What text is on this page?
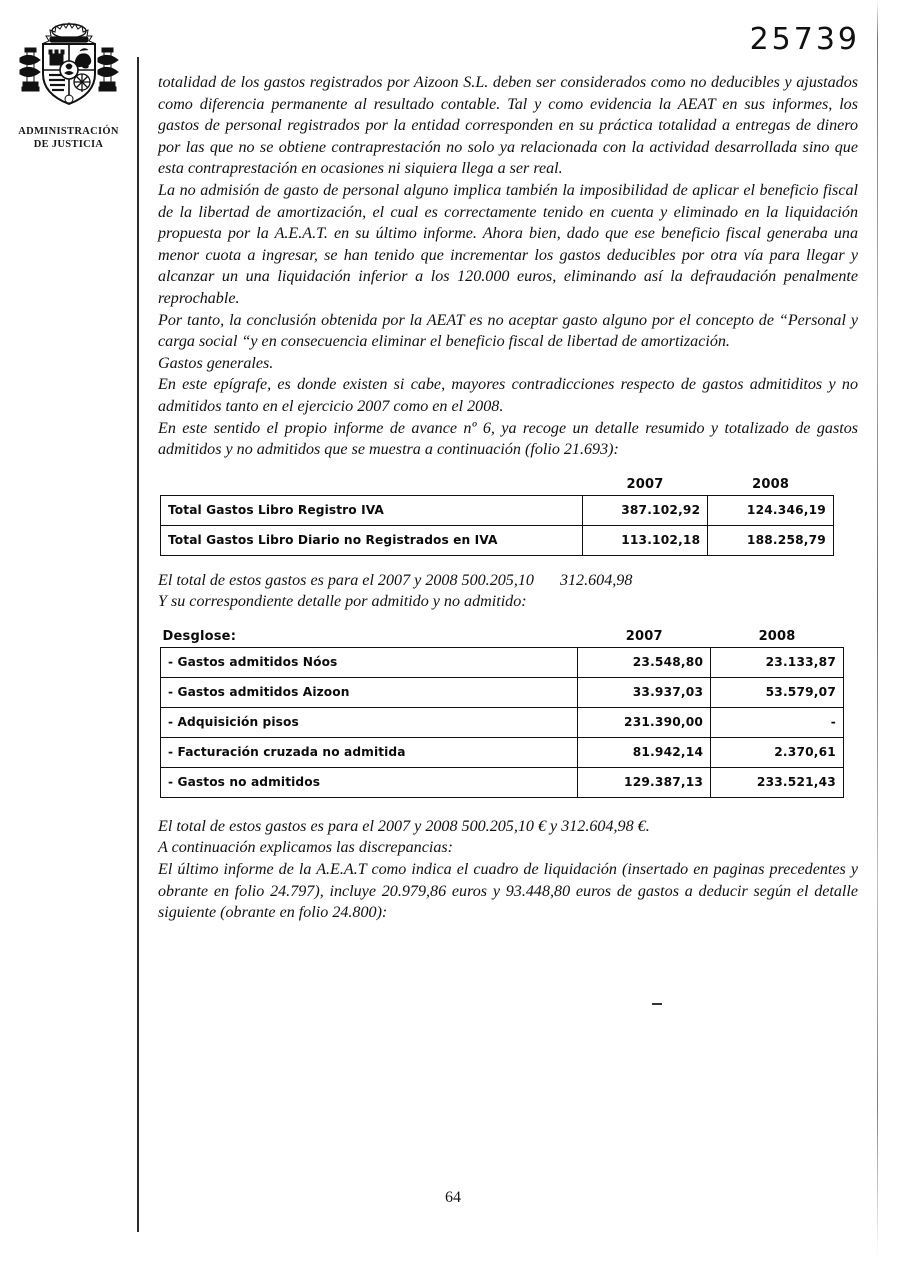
25739
ADMINISTRACIÓN
DE JUSTICIA

totalidad de los gastos registrados por Aizoon S.L. deben ser considerados como no deducibles y ajustados como diferencia permanente al resultado contable. Tal y como evidencia la AEAT en sus informes, los gastos de personal registrados por la entidad corresponden en su práctica totalidad a entregas de dinero por las que no se obtiene contraprestación no solo ya relacionada con la actividad desarrollada sino que esta contraprestación en ocasiones ni siquiera llega a ser real.

La no admisión de gasto de personal alguno implica también la imposibilidad de aplicar el beneficio fiscal de la libertad de amortización, el cual es correctamente tenido en cuenta y eliminado en la liquidación propuesta por la A.E.A.T. en su último informe. Ahora bien, dado que ese beneficio fiscal generaba una menor cuota a ingresar, se han tenido que incrementar los gastos deducibles por otra vía para llegar y alcanzar un una liquidación inferior a los 120.000 euros, eliminando así la defraudación penalmente reprochable.

Por tanto, la conclusión obtenida por la AEAT es no aceptar gasto alguno por el concepto de “Personal y carga social “y en consecuencia eliminar el beneficio fiscal de libertad de amortización.

Gastos generales.

En este epígrafe, es donde existen si cabe, mayores contradicciones respecto de gastos admitiditos y no admitidos tanto en el ejercicio 2007 como en el 2008.

En este sentido el propio informe de avance nº 6, ya recoge un detalle resumido y totalizado de gastos admitidos y no admitidos que se muestra a continuación (folio 21.693):

	2007	2008
Total Gastos Libro Registro IVA	387.102,92	124.346,19
Total Gastos Libro Diario no Registrados en IVA	113.102,18	188.258,79

El total de estos gastos es para el 2007 y 2008 500.205,10 312.604,98

Y su correspondiente detalle por admitido y no admitido:

Desglose:	2007	2008
- Gastos admitidos Nóos	23.548,80	23.133,87
- Gastos admitidos Aizoon	33.937,03	53.579,07
- Adquisición pisos	231.390,00	-
- Facturación cruzada no admitida	81.942,14	2.370,61
- Gastos no admitidos	129.387,13	233.521,43

El total de estos gastos es para el 2007 y 2008 500.205,10 € y 312.604,98 €.

A continuación explicamos las discrepancias:

El último informe de la A.E.A.T como indica el cuadro de liquidación (insertado en paginas precedentes y obrante en folio 24.797), incluye 20.979,86 euros y 93.448,80 euros de gastos a deducir según el detalle siguiente (obrante en folio 24.800):

64
